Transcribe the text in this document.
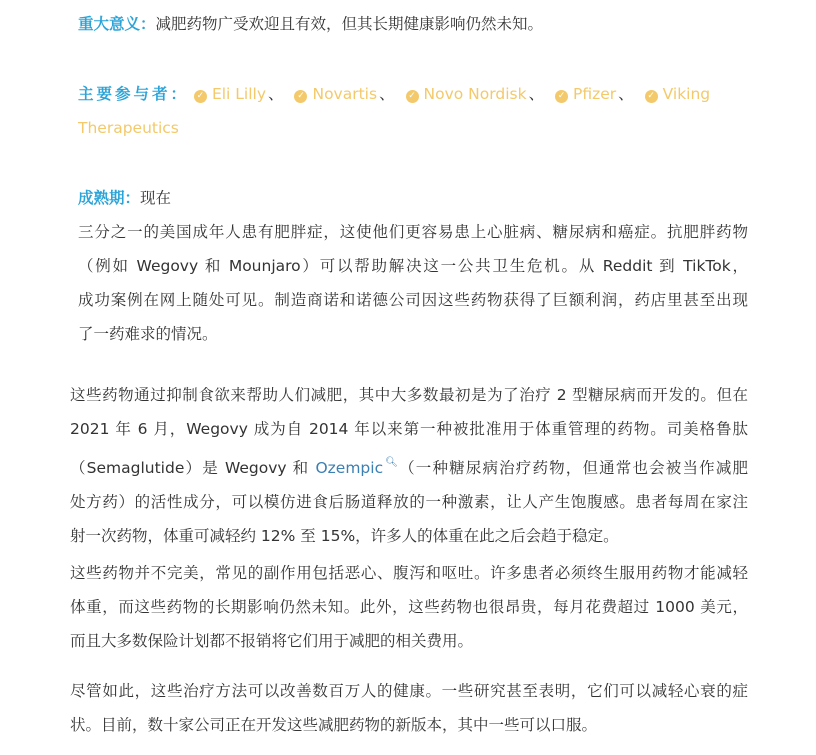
重大意义：减肥药物广受欢迎且有效，但其长期健康影响仍然未知。
主要参与者： ✓ Eli Lilly 、 ✓ Novartis 、 ✓ Novo Nordisk 、 ✓ Pfizer 、 ✓ Viking
Therapeutics
成熟期：现在
三分之一的美国成年人患有肥胖症，这使他们更容易患上心脏病、糖尿病和癌症。抗肥胖药物
（例如 Wegovy 和 Mounjaro）可以帮助解决这一公共卫生危机。从 Reddit 到 TikTok，
成功案例在网上随处可见。制造商诺和诺德公司因这些药物获得了巨额利润，药店里甚至出现
了一药难求的情况。
这些药物通过抑制食欲来帮助人们减肥，其中大多数最初是为了治疗 2 型糖尿病而开发的。但在
2021 年 6 月，Wegovy 成为自 2014 年以来第一种被批准用于体重管理的药物。司美格鲁肽
（Semaglutide）是 Wegovy 和 Ozempic🔍︎（一种糖尿病治疗药物，但通常也会被当作减肥
处方药）的活性成分，可以模仿进食后肠道释放的一种激素，让人产生饱腹感。患者每周在家注
射一次药物，体重可减轻约 12% 至 15%，许多人的体重在此之后会趋于稳定。
这些药物并不完美，常见的副作用包括恶心、腹泻和呕吐。许多患者必须终生服用药物才能减轻
体重，而这些药物的长期影响仍然未知。此外，这些药物也很昂贵，每月花费超过 1000 美元，
而且大多数保险计划都不报销将它们用于减肥的相关费用。
尽管如此，这些治疗方法可以改善数百万人的健康。一些研究甚至表明，它们可以减轻心衰的症
状。目前，数十家公司正在开发这些减肥药物的新版本，其中一些可以口服。
